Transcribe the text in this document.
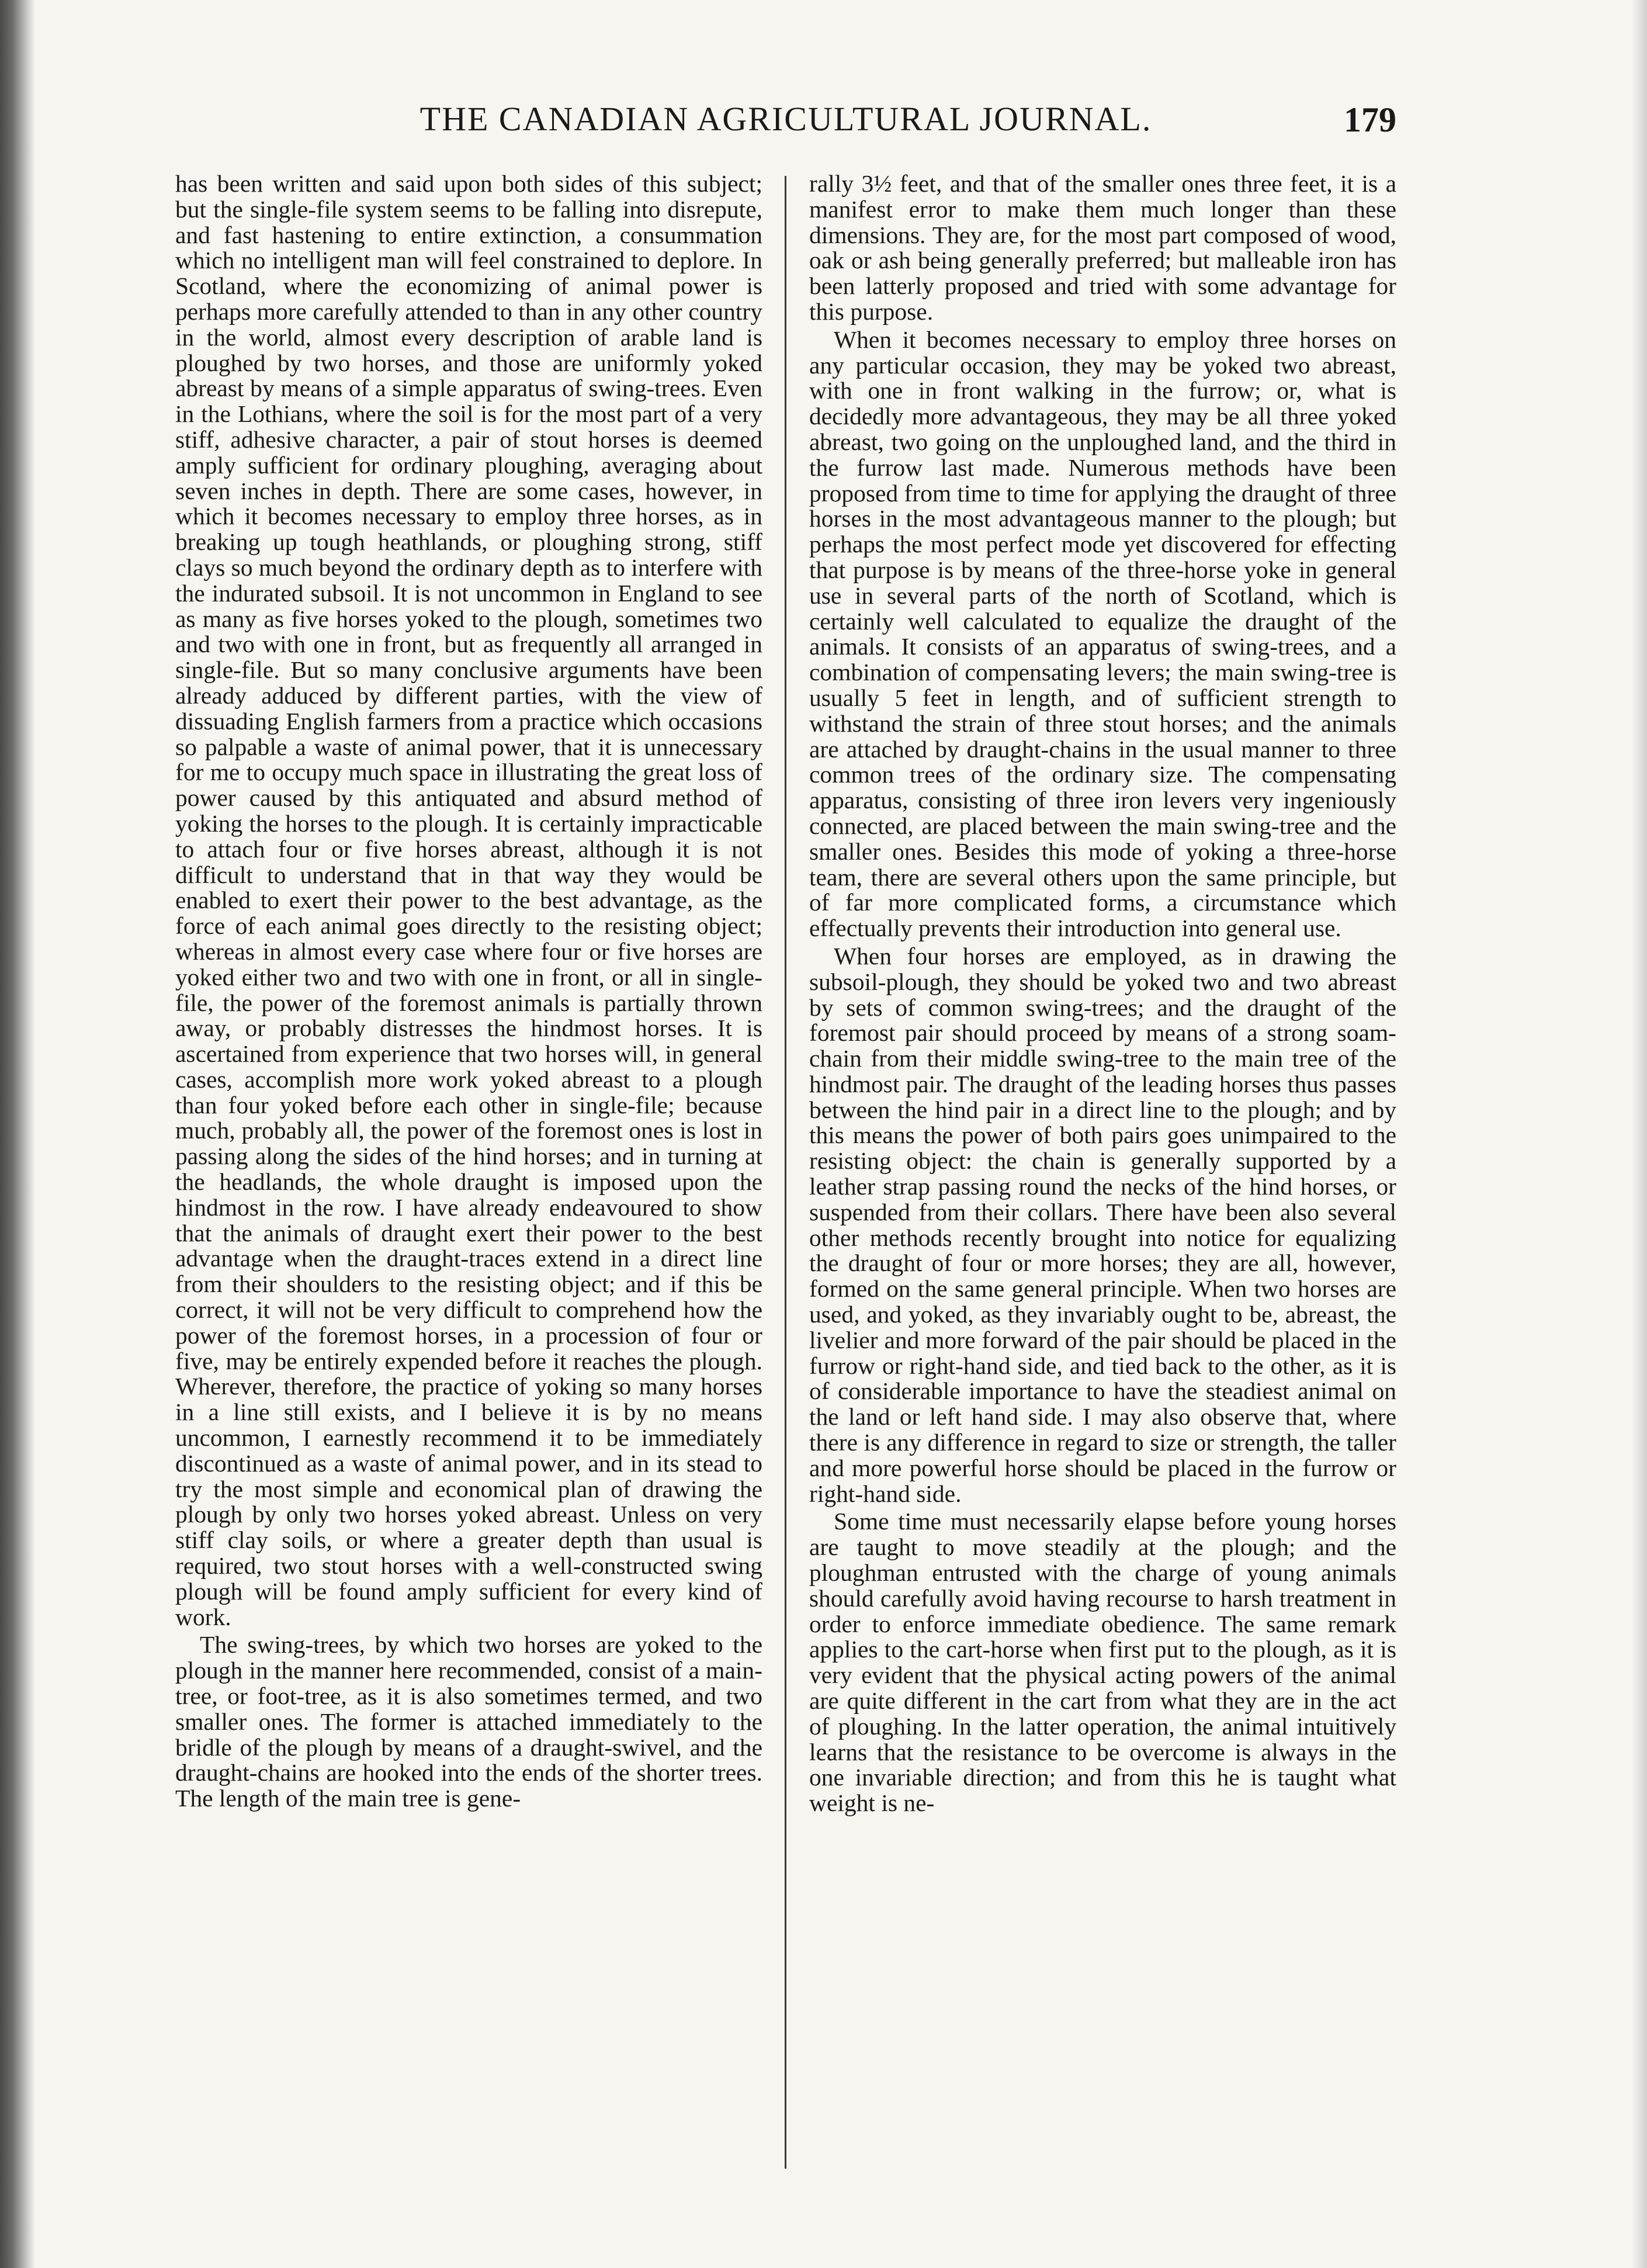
THE CANADIAN AGRICULTURAL JOURNAL.	179

has been written and said upon both sides of this subject; but the single-file system seems to be falling into disrepute, and fast hastening to entire extinction, a consummation which no intelligent man will feel constrained to deplore. In Scotland, where the economizing of animal power is perhaps more carefully attended to than in any other country in the world, almost every description of arable land is ploughed by two horses, and those are uniformly yoked abreast by means of a simple apparatus of swing-trees. Even in the Lothians, where the soil is for the most part of a very stiff, adhesive character, a pair of stout horses is deemed amply sufficient for ordinary ploughing, averaging about seven inches in depth. There are some cases, however, in which it becomes necessary to employ three horses, as in breaking up tough heathlands, or ploughing strong, stiff clays so much beyond the ordinary depth as to interfere with the indurated subsoil. It is not uncommon in England to see as many as five horses yoked to the plough, sometimes two and two with one in front, but as frequently all arranged in single-file. But so many conclusive arguments have been already adduced by different parties, with the view of dissuading English farmers from a practice which occasions so palpable a waste of animal power, that it is unnecessary for me to occupy much space in illustrating the great loss of power caused by this antiquated and absurd method of yoking the horses to the plough. It is certainly impracticable to attach four or five horses abreast, although it is not difficult to understand that in that way they would be enabled to exert their power to the best advantage, as the force of each animal goes directly to the resisting object; whereas in almost every case where four or five horses are yoked either two and two with one in front, or all in single-file, the power of the foremost animals is partially thrown away, or probably distresses the hindmost horses. It is ascertained from experience that two horses will, in general cases, accomplish more work yoked abreast to a plough than four yoked before each other in single-file; because much, probably all, the power of the foremost ones is lost in passing along the sides of the hind horses; and in turning at the headlands, the whole draught is imposed upon the hindmost in the row. I have already endeavoured to show that the animals of draught exert their power to the best advantage when the draught-traces extend in a direct line from their shoulders to the resisting object; and if this be correct, it will not be very difficult to comprehend how the power of the foremost horses, in a procession of four or five, may be entirely expended before it reaches the plough. Wherever, therefore, the practice of yoking so many horses in a line still exists, and I believe it is by no means uncommon, I earnestly recommend it to be immediately discontinued as a waste of animal power, and in its stead to try the most simple and economical plan of drawing the plough by only two horses yoked abreast. Unless on very stiff clay soils, or where a greater depth than usual is required, two stout horses with a well-constructed swing plough will be found amply sufficient for every kind of work.

The swing-trees, by which two horses are yoked to the plough in the manner here recommended, consist of a main-tree, or foot-tree, as it is also sometimes termed, and two smaller ones. The former is attached immediately to the bridle of the plough by means of a draught-swivel, and the draught-chains are hooked into the ends of the shorter trees. The length of the main tree is gene-

rally 3½ feet, and that of the smaller ones three feet, it is a manifest error to make them much longer than these dimensions. They are, for the most part composed of wood, oak or ash being generally preferred; but malleable iron has been latterly proposed and tried with some advantage for this purpose.

When it becomes necessary to employ three horses on any particular occasion, they may be yoked two abreast, with one in front walking in the furrow; or, what is decidedly more advantageous, they may be all three yoked abreast, two going on the unploughed land, and the third in the furrow last made. Numerous methods have been proposed from time to time for applying the draught of three horses in the most advantageous manner to the plough; but perhaps the most perfect mode yet discovered for effecting that purpose is by means of the three-horse yoke in general use in several parts of the north of Scotland, which is certainly well calculated to equalize the draught of the animals. It consists of an apparatus of swing-trees, and a combination of compensating levers; the main swing-tree is usually 5 feet in length, and of sufficient strength to withstand the strain of three stout horses; and the animals are attached by draught-chains in the usual manner to three common trees of the ordinary size. The compensating apparatus, consisting of three iron levers very ingeniously connected, are placed between the main swing-tree and the smaller ones. Besides this mode of yoking a three-horse team, there are several others upon the same principle, but of far more complicated forms, a circumstance which effectually prevents their introduction into general use.

When four horses are employed, as in drawing the subsoil-plough, they should be yoked two and two abreast by sets of common swing-trees; and the draught of the foremost pair should proceed by means of a strong soam-chain from their middle swing-tree to the main tree of the hindmost pair. The draught of the leading horses thus passes between the hind pair in a direct line to the plough; and by this means the power of both pairs goes unimpaired to the resisting object: the chain is generally supported by a leather strap passing round the necks of the hind horses, or suspended from their collars. There have been also several other methods recently brought into notice for equalizing the draught of four or more horses; they are all, however, formed on the same general principle. When two horses are used, and yoked, as they invariably ought to be, abreast, the livelier and more forward of the pair should be placed in the furrow or right-hand side, and tied back to the other, as it is of considerable importance to have the steadiest animal on the land or left hand side. I may also observe that, where there is any difference in regard to size or strength, the taller and more powerful horse should be placed in the furrow or right-hand side.

Some time must necessarily elapse before young horses are taught to move steadily at the plough; and the ploughman entrusted with the charge of young animals should carefully avoid having recourse to harsh treatment in order to enforce immediate obedience. The same remark applies to the cart-horse when first put to the plough, as it is very evident that the physical acting powers of the animal are quite different in the cart from what they are in the act of ploughing. In the latter operation, the animal intuitively learns that the resistance to be overcome is always in the one invariable direction; and from this he is taught what weight is ne-
